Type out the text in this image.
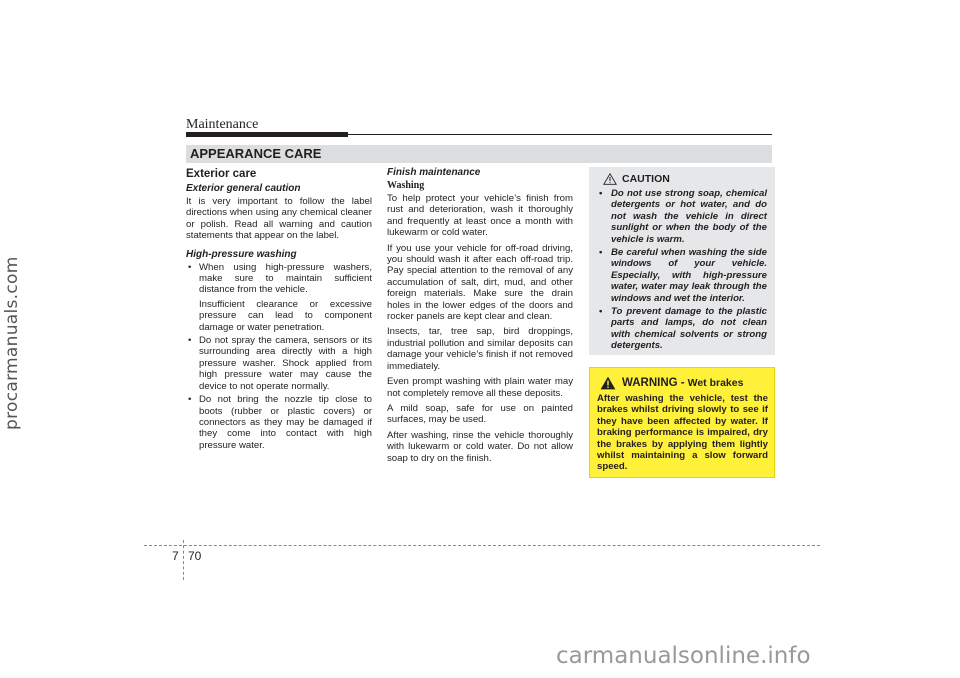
procarmanuals.com
Maintenance
APPEARANCE CARE
Exterior care
Exterior general caution

It is very important to follow the label directions when using any chemical cleaner or polish. Read all warning and caution statements that appear on the label.

High-pressure washing
• When using high-pressure washers, make sure to maintain sufficient distance from the vehicle.
Insufficient clearance or excessive pressure can lead to component damage or water penetration.
• Do not spray the camera, sensors or its surrounding area directly with a high pressure washer. Shock applied from high pressure water may cause the device to not operate normally.
• Do not bring the nozzle tip close to boots (rubber or plastic covers) or connectors as they may be damaged if they come into contact with high pressure water.
Finish maintenance
Washing

To help protect your vehicle’s finish from rust and deterioration, wash it thoroughly and frequently at least once a month with lukewarm or cold water.

If you use your vehicle for off-road driving, you should wash it after each off-road trip. Pay special attention to the removal of any accumulation of salt, dirt, mud, and other foreign materials. Make sure the drain holes in the lower edges of the doors and rocker panels are kept clear and clean.

Insects, tar, tree sap, bird droppings, industrial pollution and similar deposits can damage your vehicle’s finish if not removed immediately.

Even prompt washing with plain water may not completely remove all these deposits.

A mild soap, safe for use on painted surfaces, may be used.

After washing, rinse the vehicle thoroughly with lukewarm or cold water. Do not allow soap to dry on the finish.

CAUTION
• Do not use strong soap, chemical detergents or hot water, and do not wash the vehicle in direct sunlight or when the body of the vehicle is warm.
• Be careful when washing the side windows of your vehicle. Especially, with high-pressure water, water may leak through the windows and wet the interior.
• To prevent damage to the plastic parts and lamps, do not clean with chemical solvents or strong detergents.
WARNING - Wet brakes

After washing the vehicle, test the brakes whilst driving slowly to see if they have been affected by water. If braking performance is impaired, dry the brakes by applying them lightly whilst maintaining a slow forward speed.

7 70
carmanualsonline.info
